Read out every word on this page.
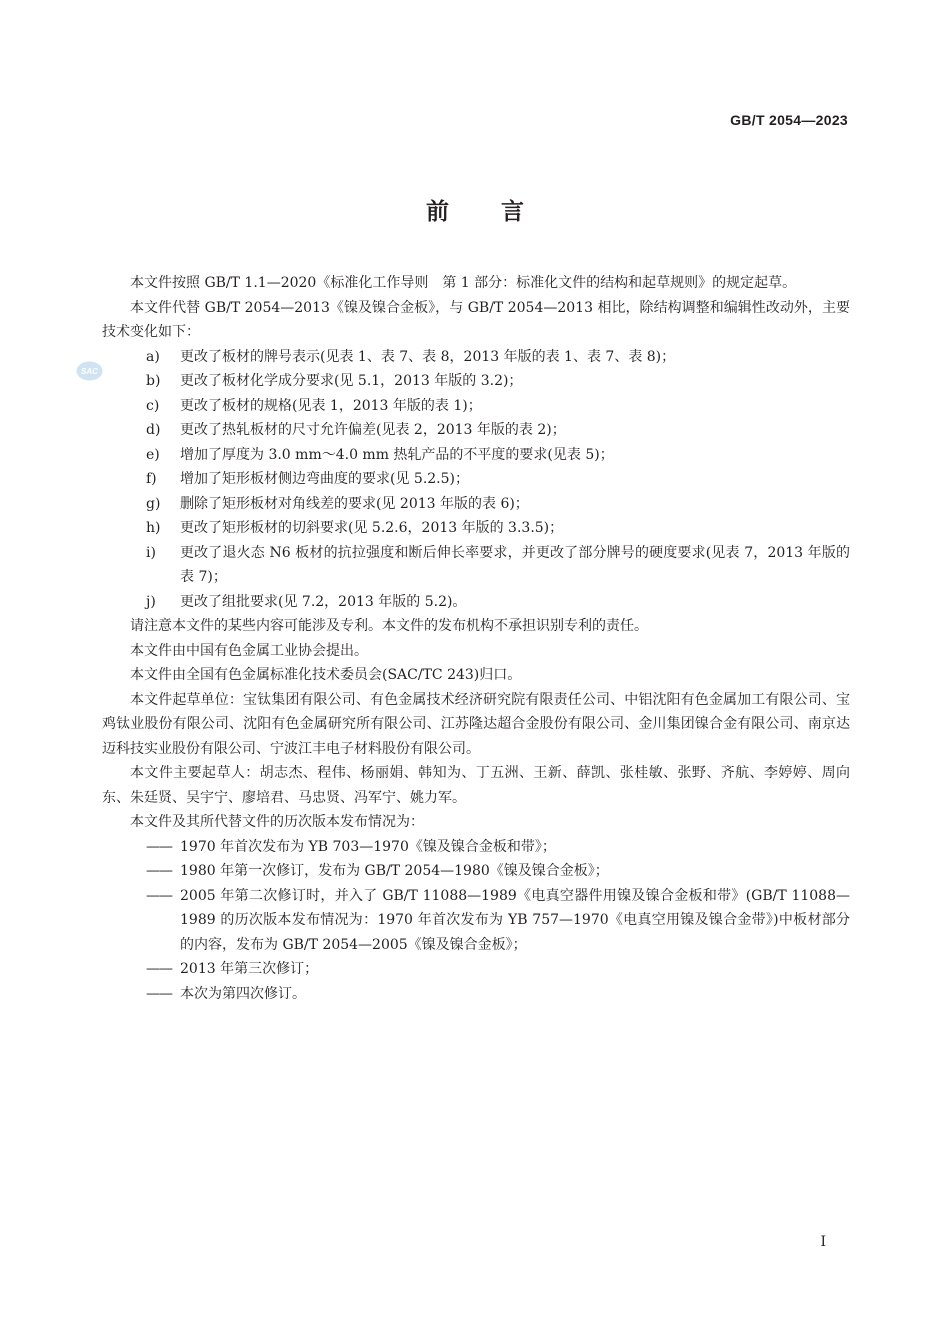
GB/T 2054—2023
前言
SAC

本文件按照 GB/T 1.1—2020《标准化工作导则　第 1 部分：标准化文件的结构和起草规则》的规定起草。

本文件代替 GB/T 2054—2013《镍及镍合金板》，与 GB/T 2054—2013 相比，除结构调整和编辑性改动外，主要技术变化如下：

a) 更改了板材的牌号表示(见表 1、表 7、表 8，2013 年版的表 1、表 7、表 8)；

b) 更改了板材化学成分要求(见 5.1，2013 年版的 3.2)；

c) 更改了板材的规格(见表 1，2013 年版的表 1)；

d) 更改了热轧板材的尺寸允许偏差(见表 2，2013 年版的表 2)；

e) 增加了厚度为 3.0 mm～4.0 mm 热轧产品的不平度的要求(见表 5)；

f) 增加了矩形板材侧边弯曲度的要求(见 5.2.5)；

g) 删除了矩形板材对角线差的要求(见 2013 年版的表 6)；

h) 更改了矩形板材的切斜要求(见 5.2.6，2013 年版的 3.3.5)；

i) 更改了退火态 N6 板材的抗拉强度和断后伸长率要求，并更改了部分牌号的硬度要求(见表 7，2013 年版的表 7)；

j) 更改了组批要求(见 7.2，2013 年版的 5.2)。

请注意本文件的某些内容可能涉及专利。本文件的发布机构不承担识别专利的责任。

本文件由中国有色金属工业协会提出。

本文件由全国有色金属标准化技术委员会(SAC/TC 243)归口。

本文件起草单位：宝钛集团有限公司、有色金属技术经济研究院有限责任公司、中铝沈阳有色金属加工有限公司、宝鸡钛业股份有限公司、沈阳有色金属研究所有限公司、江苏隆达超合金股份有限公司、金川集团镍合金有限公司、南京达迈科技实业股份有限公司、宁波江丰电子材料股份有限公司。

本文件主要起草人：胡志杰、程伟、杨丽娟、韩知为、丁五洲、王新、薛凯、张桂敏、张野、齐航、李婷婷、周向东、朱廷贤、吴宇宁、廖培君、马忠贤、冯军宁、姚力军。

本文件及其所代替文件的历次版本发布情况为：

—— 1970 年首次发布为 YB 703—1970《镍及镍合金板和带》；

—— 1980 年第一次修订，发布为 GB/T 2054—1980《镍及镍合金板》；

—— 2005 年第二次修订时，并入了 GB/T 11088—1989《电真空器件用镍及镍合金板和带》(GB/T 11088—1989 的历次版本发布情况为：1970 年首次发布为 YB 757—1970《电真空用镍及镍合金带》)中板材部分的内容，发布为 GB/T 2054—2005《镍及镍合金板》；

—— 2013 年第三次修订；

—— 本次为第四次修订。

I
